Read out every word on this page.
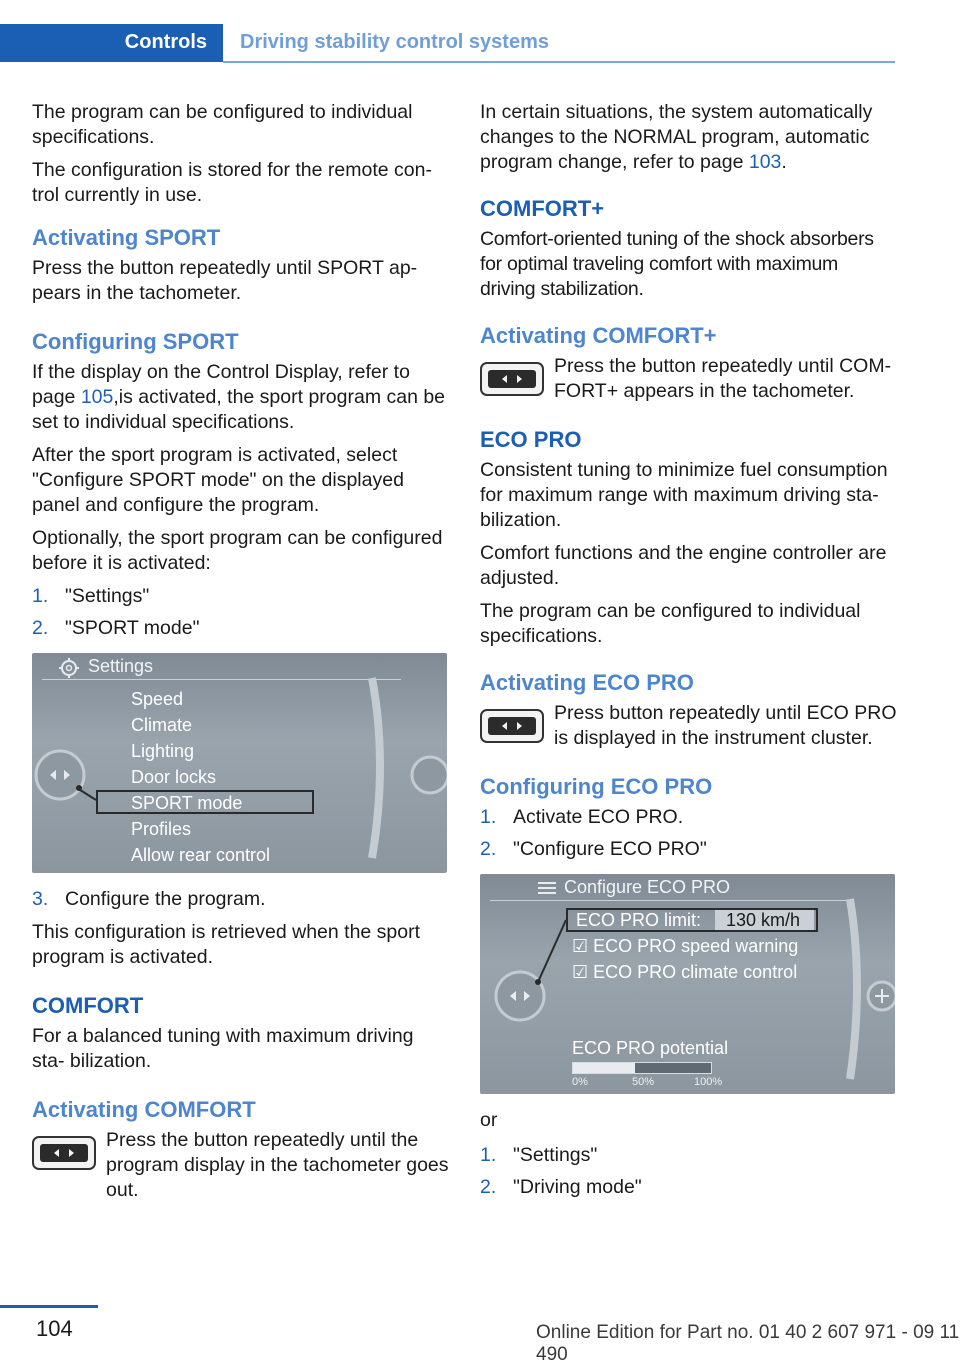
Controls Driving stability control systems

The program can be configured to individual specifications.

The configuration is stored for the remote con- trol currently in use.

Activating SPORT

Press the button repeatedly until SPORT ap- pears in the tachometer.

Configuring SPORT

If the display on the Control Display, refer to page 105,is activated, the sport program can be set to individual specifications.

After the sport program is activated, select "Configure SPORT mode" on the displayed panel and configure the program.

Optionally, the sport program can be configured before it is activated:

1. "Settings"
2. "SPORT mode"
Settings
Speed
Climate
Lighting
Door locks
SPORT mode
Profiles
Allow rear control
3. Configure the program.

This configuration is retrieved when the sport program is activated.

COMFORT

For a balanced tuning with maximum driving sta- bilization.

Activating COMFORT

Press the button repeatedly until the program display in the tachometer goes out.

In certain situations, the system automatically changes to the NORMAL program, automatic program change, refer to page 103.

COMFORT+

Comfort-oriented tuning of the shock absorbers for optimal traveling comfort with maximum driving stabilization.

Activating COMFORT+

Press the button repeatedly until COM- FORT+ appears in the tachometer.

ECO PRO

Consistent tuning to minimize fuel consumption for maximum range with maximum driving sta- bilization.

Comfort functions and the engine controller are adjusted.

The program can be configured to individual specifications.

Activating ECO PRO

Press button repeatedly until ECO PRO is displayed in the instrument cluster.

Configuring ECO PRO
1. Activate ECO PRO.
2. "Configure ECO PRO"
Configure ECO PRO
ECO PRO limit: 130 km/h
☑ ECO PRO speed warning
☑ ECO PRO climate control
ECO PRO potential
0%	50%	100%

or

1. "Settings"
2. "Driving mode"
104	Online Edition for Part no. 01 40 2 607 971 - 09 11 490
